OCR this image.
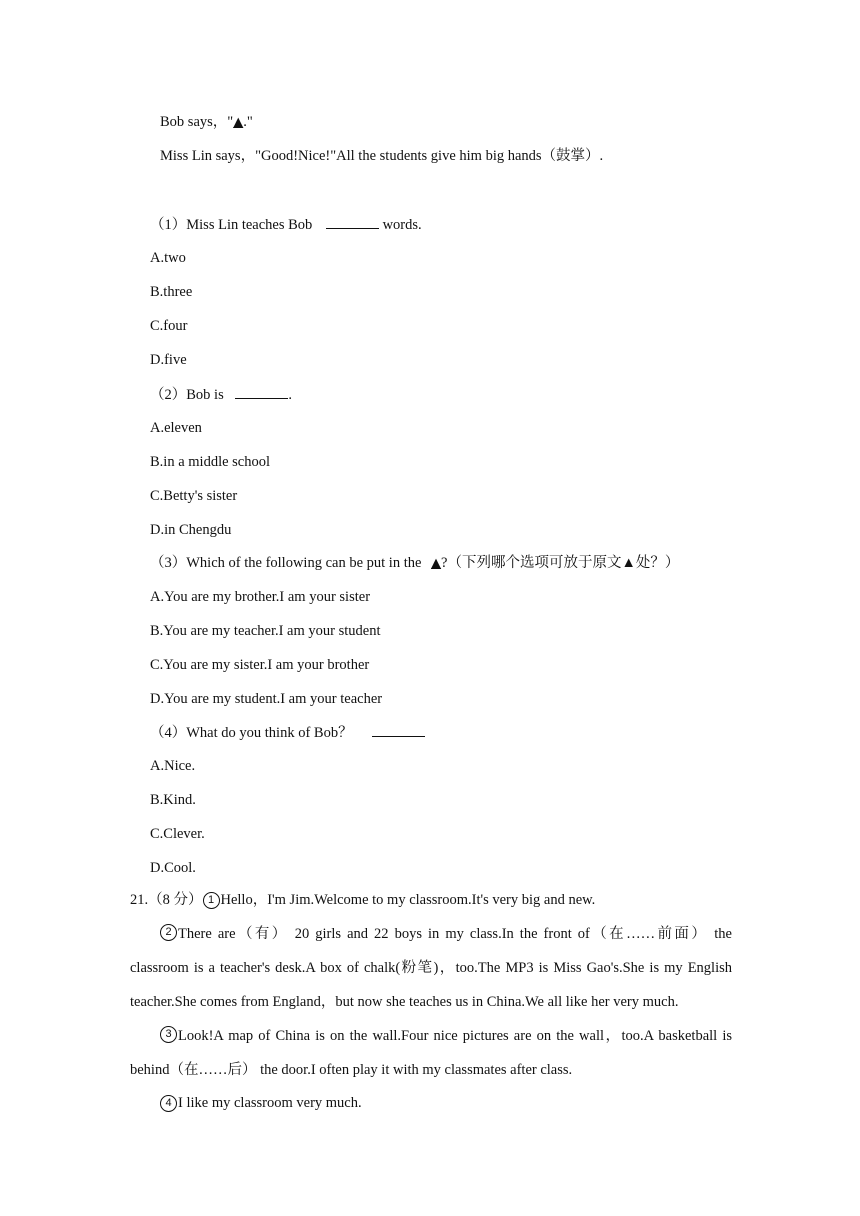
Bob says，"▲."
Miss Lin says，"Good!Nice!"All the students give him big hands（鼓掌）.
（1）Miss Lin teaches Bob	words.
A.two
B.three
C.four
D.five
（2）Bob is	.
A.eleven
B.in a middle school
C.Betty's sister
D.in Chengdu
（3）Which of the following can be put in the ▲?（下列哪个选项可放于原文▲处？）
A.You are my brother.I am your sister
B.You are my teacher.I am your student
C.You are my sister.I am your brother
D.You are my student.I am your teacher
（4）What do you think of Bob？
A.Nice.
B.Kind.
C.Clever.
D.Cool.
21.（8 分） 1 Hello，I'm Jim.Welcome to my classroom.It's very big and new.
2 There are（有） 20 girls and 22 boys in my class.In the front of（在……前面） the
classroom is a teacher's desk.A box of chalk(粉笔)，too.The MP3 is Miss Gao's.She is my English
teacher.She comes from England，but now she teaches us in China.We all like her very much.
3 Look!A map of China is on the wall.Four nice pictures are on the wall，too.A basketball is
behind（在……后） the door.I often play it with my classmates after class.
4 I like my classroom very much.
